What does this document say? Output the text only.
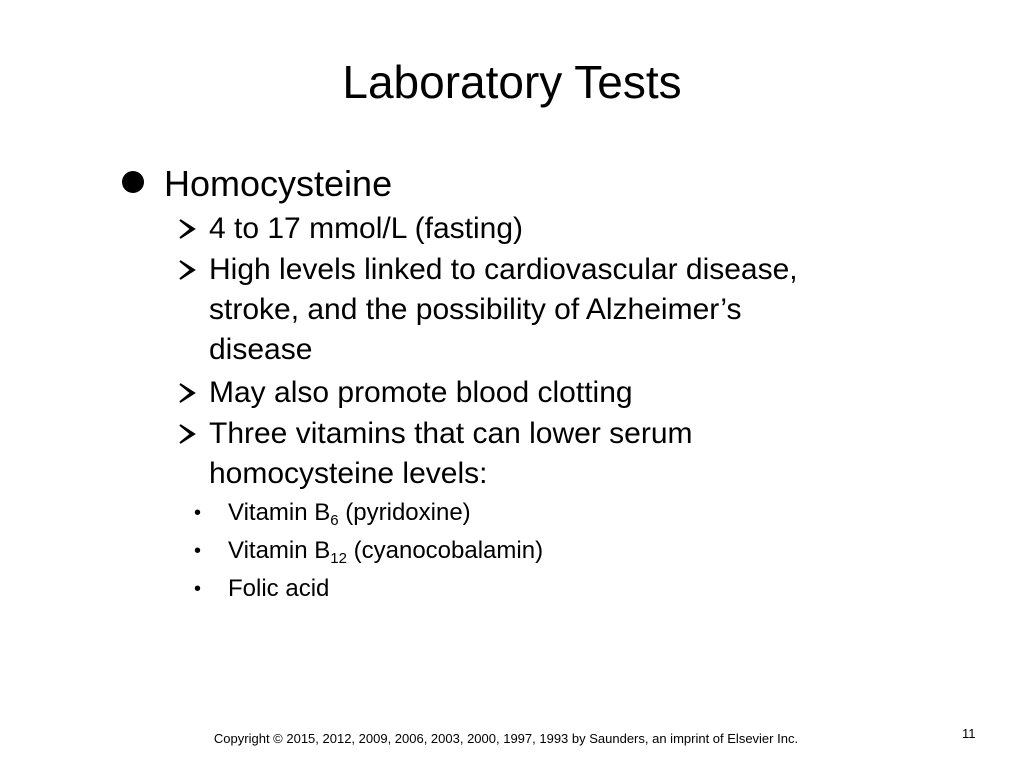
Laboratory Tests
Homocysteine
4 to 17 mmol/L (fasting)
High levels linked to cardiovascular disease,
stroke, and the possibility of Alzheimer’s
disease
May also promote blood clotting
Three vitamins that can lower serum
homocysteine levels:
• Vitamin $B_6$ (pyridoxine)
• Vitamin $B_{12}$ (cyanocobalamin)
• Folic acid
Copyright © 2015, 2012, 2009, 2006, 2003, 2000, 1997, 1993 by Saunders, an imprint of Elsevier Inc.	11
